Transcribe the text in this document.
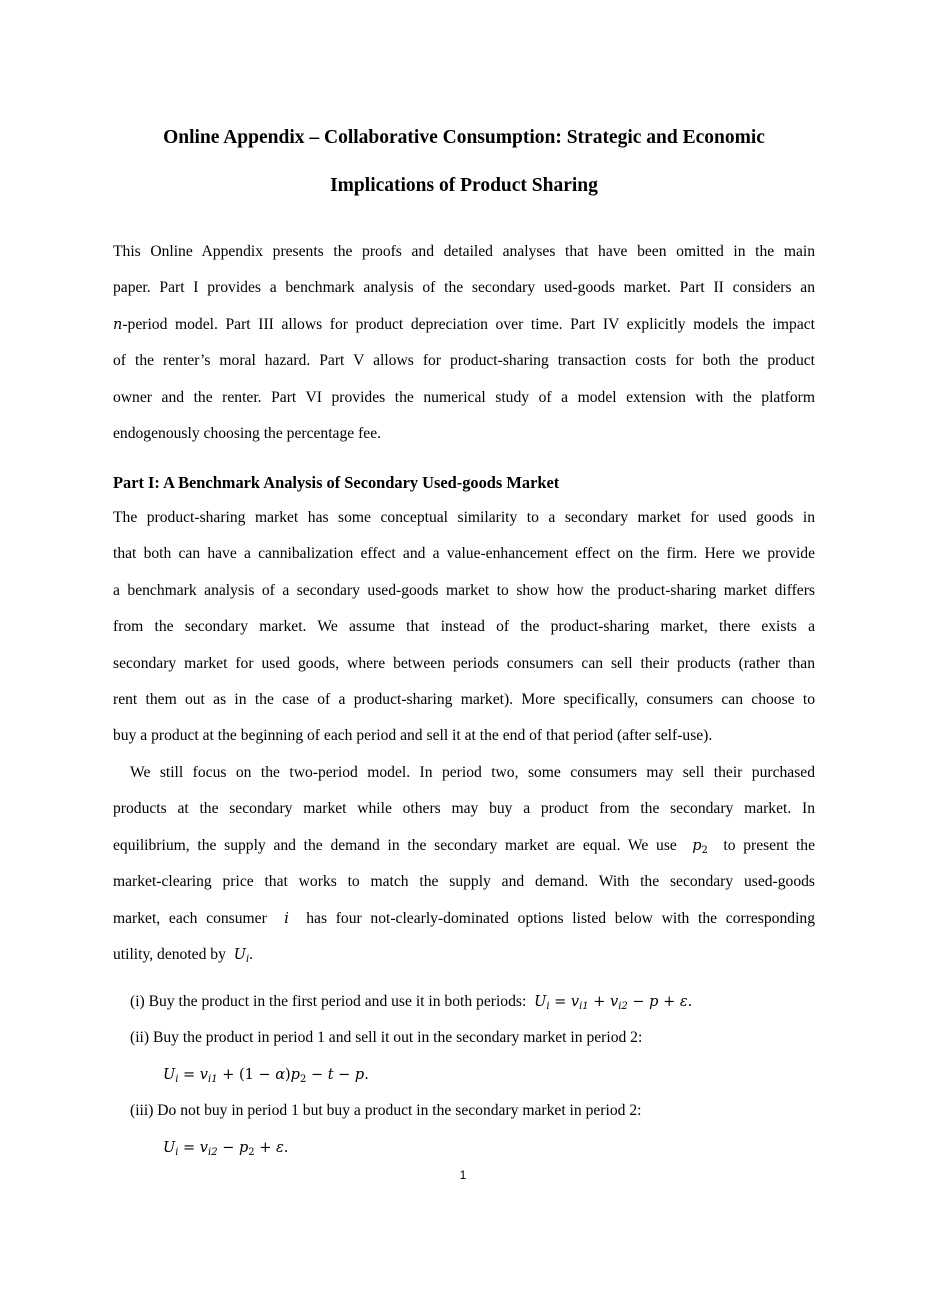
Online Appendix – Collaborative Consumption: Strategic and Economic
Implications of Product Sharing
This Online Appendix presents the proofs and detailed analyses that have been omitted in the main
paper. Part I provides a benchmark analysis of the secondary used-goods market. Part II considers an
n-period model. Part III allows for product depreciation over time. Part IV explicitly models the impact
of the renter’s moral hazard. Part V allows for product-sharing transaction costs for both the product
owner and the renter. Part VI provides the numerical study of a model extension with the platform
endogenously choosing the percentage fee.
Part I: A Benchmark Analysis of Secondary Used-goods Market
The product-sharing market has some conceptual similarity to a secondary market for used goods in
that both can have a cannibalization effect and a value-enhancement effect on the firm. Here we provide
a benchmark analysis of a secondary used-goods market to show how the product-sharing market differs
from the secondary market. We assume that instead of the product-sharing market, there exists a
secondary market for used goods, where between periods consumers can sell their products (rather than
rent them out as in the case of a product-sharing market). More specifically, consumers can choose to
buy a product at the beginning of each period and sell it at the end of that period (after self-use).
We still focus on the two-period model. In period two, some consumers may sell their purchased
products at the secondary market while others may buy a product from the secondary market. In
equilibrium, the supply and the demand in the secondary market are equal. We use $p_2$ to present the
market-clearing price that works to match the supply and demand. With the secondary used-goods
market, each consumer i has four not-clearly-dominated options listed below with the corresponding
utility, denoted by $U_i$.
(i) Buy the product in the first period and use it in both periods: $U_i = v_{i1} + v_{i2} - p + \varepsilon$.
(ii) Buy the product in period 1 and sell it out in the secondary market in period 2:
$U_i = v_{i1} + (1 - \alpha)p_2 - t - p$.
(iii) Do not buy in period 1 but buy a product in the secondary market in period 2:
$U_i = v_{i2} - p_2 + \varepsilon$.
1
